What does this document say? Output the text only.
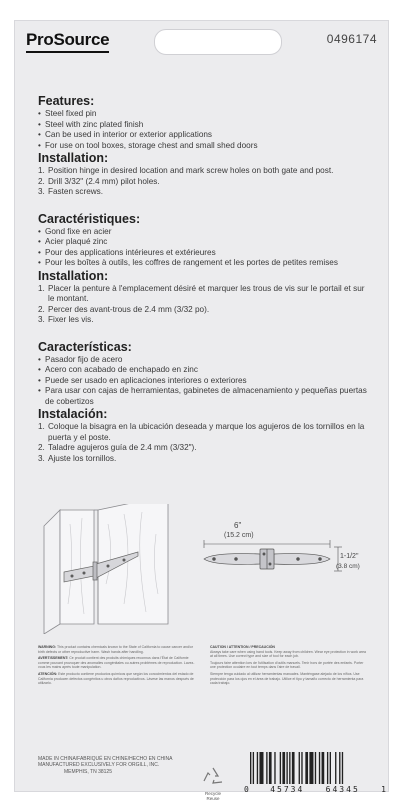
ProSource	0496174
Features:
• Steel fixed pin
• Steel with zinc plated finish
• Can be used in interior or exterior applications
• For use on tool boxes, storage chest and small shed doors
Installation:
1. Position hinge in desired location and mark screw holes on both gate and post.
2. Drill 3/32" (2.4 mm) pilot holes.
3. Fasten screws.
Caractéristiques:
• Gond fixe en acier
• Acier plaqué zinc
• Pour des applications intérieures et extérieures
• Pour les boîtes à outils, les coffres de rangement et les portes de petites remises
Installation:
1. Placer la penture à l'emplacement désiré et marquer les trous de vis sur le portail et sur le montant.
2. Percer des avant-trous de 2.4 mm (3/32 po).
3. Fixer les vis.
Características:
• Pasador fijo de acero
• Acero con acabado de enchapado en zinc
• Puede ser usado en aplicaciones interiores o exteriores
• Para usar con cajas de herramientas, gabinetes de almacenamiento y pequeñas puertas de cobertizos
Instalación:
1. Coloque la bisagra en la ubicación deseada y marque los agujeros de los tornillos en la puerta y el poste.
2. Taladre agujeros guía de 2.4 mm (3/32").
3. Ajuste los tornillos.
6"
(15.2 cm)
1-1/2"
(3.8 cm)
WARNING: This product contains chemicals known to the State of California to cause cancer and/or birth defects or other reproductive harm. Wash hands after handling.
AVERTISSEMENT: Ce produit contient des produits chimiques reconnus dans l'État de Californie comme pouvant provoquer des anomalies congénitales ou autres problèmes de reproduction. Lavez-vous les mains après toute manipulation.
ATENCIÓN: Este producto contiene productos químicos que según los conocimientos del estado de California producen defectos congénitos u otros daños reproductivos. Lávese las manos después de utilizarlo.
CAUTION / ATTENTION / PRECAUCIÓN
Always take care when using hand tools. Keep away from children. Wear eye protection in work area at all times. Use correct type and size of tool for each job.
Toujours faire attention lors de l'utilisation d'outils manuels. Tenir hors de portée des enfants. Porter une protection oculaire en tout temps dans l'aire de travail.
Siempre tenga cuidado al utilizar herramientas manuales. Manténgase alejado de los niños. Use protección para los ojos en el área de trabajo. Utilice el tipo y tamaño correcto de herramienta para cada trabajo.
MADE IN CHINA/FABRIQUÉ EN CHINE/HECHO EN CHINA
MANUFACTURED EXCLUSIVELY FOR ORGILL, INC.
MEMPHIS, TN 38125
Recycle Reuse
0	45734	64345	1
